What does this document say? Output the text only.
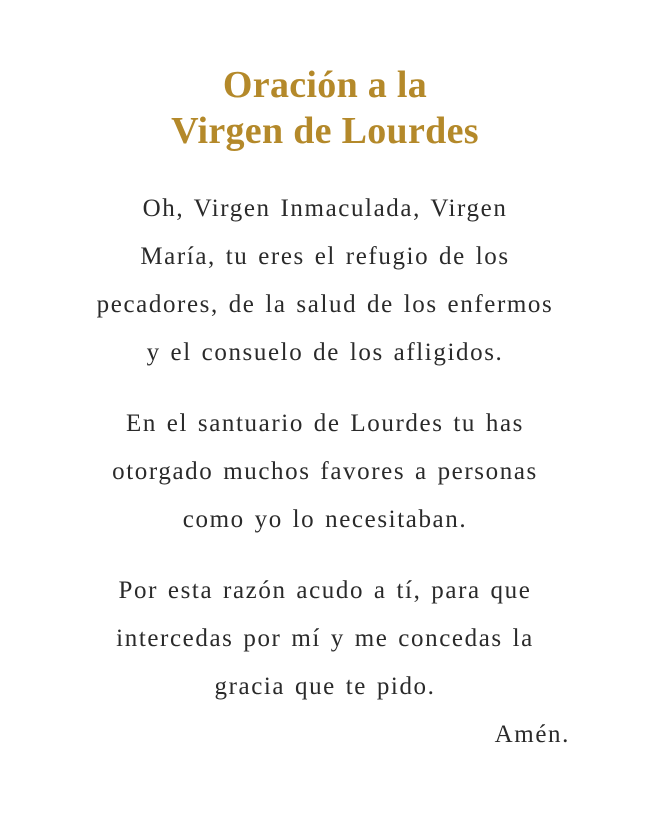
Oración a la
Virgen de Lourdes
Oh, Virgen Inmaculada, Virgen
María, tu eres el refugio de los
pecadores, de la salud de los enfermos
y el consuelo de los afligidos.
En el santuario de Lourdes tu has
otorgado muchos favores a personas
como yo lo necesitaban.
Por esta razón acudo a tí, para que
intercedas por mí y me concedas la
gracia que te pido.
Amén.
